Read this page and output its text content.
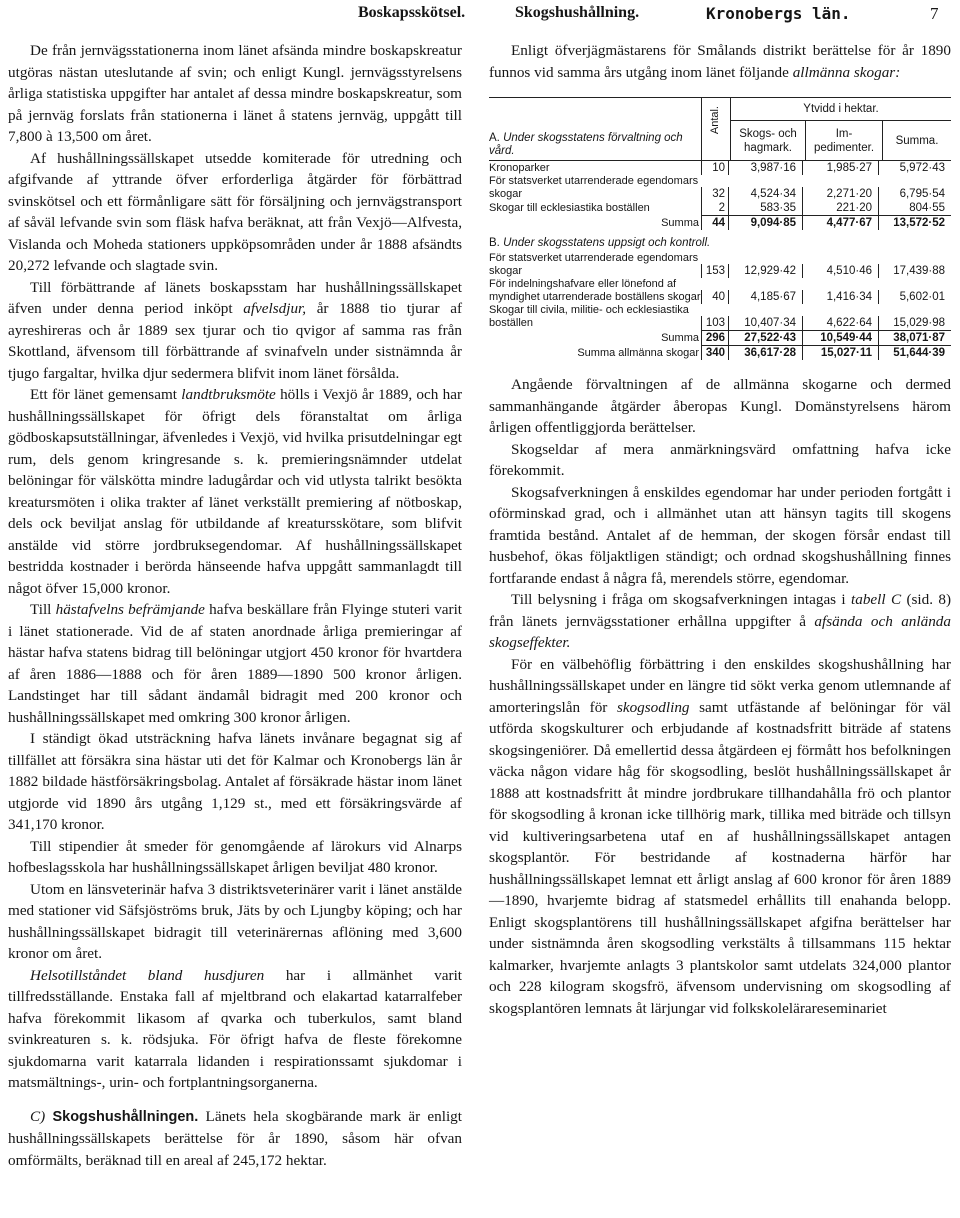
Boskapsskötsel.	Skogshushållning.	Kronobergs län.	7

De från jernvägsstationerna inom länet afsända mindre boskapskreatur utgöras nästan uteslutande af svin; och enligt Kungl. jernvägsstyrelsens årliga statistiska uppgifter har antalet af dessa mindre boskapskreatur, som på jernväg forslats från stationerna i länet å statens jernväg, uppgått till 7,800 à 13,500 om året.

Af hushållningssällskapet utsedde komiterade för utredning och afgifvande af yttrande öfver erforderliga åtgärder för förbättrad svinskötsel och ett förmånligare sätt för försäljning och jernvägstransport af såväl lefvande svin som fläsk hafva beräknat, att från Vexjö—Alfvesta, Vislanda och Moheda stationers uppköpsområden under år 1888 afsändts 20,272 lefvande och slagtade svin.

Till förbättrande af länets boskapsstam har hushållningssällskapet äfven under denna period inköpt afvelsdjur, år 1888 tio tjurar af ayreshireras och år 1889 sex tjurar och tio qvigor af samma ras från Skottland, äfvensom till förbättrande af svinafveln under sistnämnda år tjugo fargaltar, hvilka djur sedermera blifvit inom länet försålda.

Ett för länet gemensamt landtbruksmöte hölls i Vexjö år 1889, och har hushållningssällskapet för öfrigt dels föranstaltat om årliga gödboskapsutställningar, äfvenledes i Vexjö, vid hvilka prisutdelningar egt rum, dels genom kringresande s. k. premieringsnämnder utdelat belöningar för välskötta mindre ladugårdar och vid utlysta talrikt besökta kreatursmöten i olika trakter af länet verkställt premiering af nötboskap, dels ock beviljat anslag för utbildande af kreatursskötare, som blifvit anstälde vid större jordbruksegendomar. Af hushållningssällskapet bestridda kostnader i berörda hänseende hafva uppgått sammanlagdt till något öfver 15,000 kronor.

Till hästafvelns befrämjande hafva beskällare från Flyinge stuteri varit i länet stationerade. Vid de af staten anordnade årliga premieringar af hästar hafva statens bidrag till belöningar utgjort 450 kronor för hvartdera af åren 1886—1888 och för åren 1889—1890 500 kronor årligen. Landstinget har till sådant ändamål bidragit med 200 kronor och hushållningssällskapet med omkring 300 kronor årligen.

I ständigt ökad utsträckning hafva länets invånare begagnat sig af tillfället att försäkra sina hästar uti det för Kalmar och Kronobergs län år 1882 bildade hästförsäkringsbolag. Antalet af försäkrade hästar inom länet utgjorde vid 1890 års utgång 1,129 st., med ett försäkringsvärde af 341,170 kronor.

Till stipendier åt smeder för genomgående af lärokurs vid Alnarps hofbeslagsskola har hushållningssällskapet årligen beviljat 480 kronor.

Utom en länsveterinär hafva 3 distriktsveterinärer varit i länet anstälde med stationer vid Säfsjöströms bruk, Jäts by och Ljungby köping; och har hushållningssällskapet bidragit till veterinärernas aflöning med 3,600 kronor om året.

Helsotillståndet bland husdjuren har i allmänhet varit tillfredsställande. Enstaka fall af mjeltbrand och elakartad katarralfeber hafva förekommit likasom af qvarka och tuberkulos, samt bland svinkreaturen s. k. rödsjuka. För öfrigt hafva de fleste förekomne sjukdomarna varit katarrala lidanden i respirationssamt sjukdomar i matsmältnings-, urin- och fortplantningsorganerna.

C) Skogshushållningen. Länets hela skogbärande mark är enligt hushållningssällskapets berättelse för år 1890, såsom här ofvan omförmälts, beräknad till en areal af 245,172 hektar.

Enligt öfverjägmästarens för Smålands distrikt berättelse för år 1890 funnos vid samma års utgång inom länet följande allmänna skogar:

A. Under skogsstatens förvaltning och vård.
Antal.	Ytvidd i hektar.
Skogs- och hagmark.
Im-pedimenter.
Summa.
Kronoparker	10	3,987·16	1,985·27	5,972·43
För statsverket utarrenderade egendomars skogar	32	4,524·34	2,271·20	6,795·54
Skogar till ecklesiastika boställen	2	583·35	221·20	804·55
Summa	44	9,094·85	4,477·67	13,572·52
B. Under skogsstatens uppsigt och kontroll.
För statsverket utarrenderade egendomars skogar	153	12,929·42	4,510·46	17,439·88
För indelningshafvare eller lönefond af myndighet utarrenderade boställens skogar	40	4,185·67	1,416·34	5,602·01
Skogar till civila, militie- och ecklesiastika boställen	103	10,407·34	4,622·64	15,029·98
Summa 296	27,522·43	10,549·44	38,071·87
Summa allmänna skogar 340	36,617·28	15,027·11	51,644·39

Angående förvaltningen af de allmänna skogarne och dermed sammanhängande åtgärder åberopas Kungl. Domänstyrelsens härom årligen offentliggjorda berättelser.

Skogseldar af mera anmärkningsvärd omfattning hafva icke förekommit.

Skogsafverkningen å enskildes egendomar har under perioden fortgått i oförminskad grad, och i allmänhet utan att hänsyn tagits till skogens framtida bestånd. Antalet af de hemman, der skogen försår endast till husbehof, ökas följaktligen ständigt; och ordnad skogshushållning finnes fortfarande endast å några få, merendels större, egendomar.

Till belysning i fråga om skogsafverkningen intagas i tabell C (sid. 8) från länets jernvägsstationer erhållna uppgifter å afsända och anlända skogseffekter.

För en välbehöflig förbättring i den enskildes skogshushållning har hushållningssällskapet under en längre tid sökt verka genom utlemnande af amorteringslån för skogsodling samt utfästande af belöningar för väl utförda skogskulturer och erbjudande af kostnadsfritt biträde af statens skogsingeniörer. Då emellertid dessa åtgärdeen ej förmått hos befolkningen väcka någon vidare håg för skogsodling, beslöt hushållningssällskapet år 1888 att kostnadsfritt åt mindre jordbrukare tillhandahålla frö och plantor för skogsodling å kronan icke tillhörig mark, tillika med biträde och tillsyn vid kultiveringsarbetena utaf en af hushållningssällskapet antagen skogsplantör. För bestridande af kostnaderna härför har hushållningssällskapet lemnat ett årligt anslag af 600 kronor för åren 1889—1890, hvarjemte bidrag af statsmedel erhållits till enahanda belopp. Enligt skogsplantörens till hushållningssällskapet afgifna berättelser har under sistnämnda åren skogsodling verkstälts å tillsammans 115 hektar kalmarker, hvarjemte anlagts 3 plantskolor samt utdelats 324,000 plantor och 228 kilogram skogsfrö, äfvensom undervisning om skogsodling af skogsplantören lemnats åt lärjungar vid folkskolelärareseminariet
